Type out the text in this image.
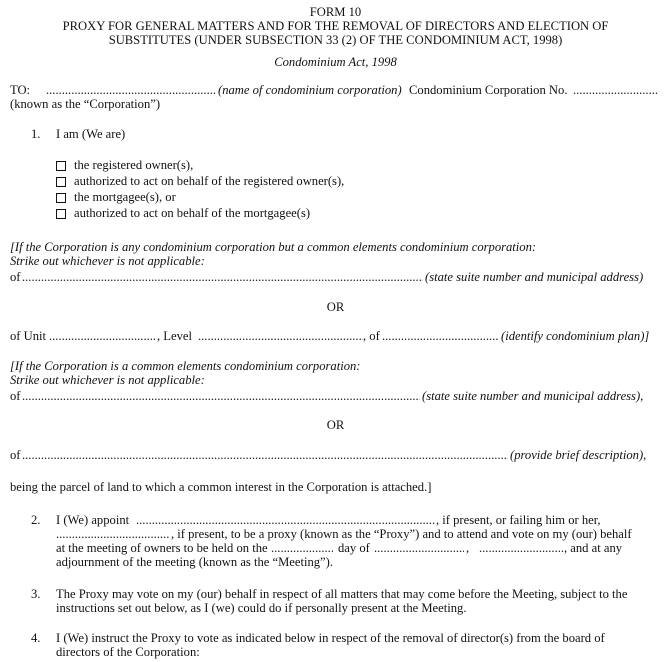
FORM 10
PROXY FOR GENERAL MATTERS AND FOR THE REMOVAL OF DIRECTORS AND ELECTION OF
SUBSTITUTES (UNDER SUBSECTION 33 (2) OF THE CONDOMINIUM ACT, 1998)
Condominium Act, 1998
TO: .....	(name of condominium corporation) Condominium Corporation No.
.....
(known as the “Corporation”)
1. I am (We are)
the registered owner(s),
authorized to act on behalf of the registered owner(s),
the mortgagee(s), or
authorized to act on behalf of the mortgagee(s)
[If the Corporation is any condominium corporation but a common elements condominium corporation:
Strike out whichever is not applicable:
of .....	(state suite number and municipal address)
OR
of Unit .....	, Level .....	, of .....	(identify condominium plan)]
[If the Corporation is a common elements condominium corporation:
Strike out whichever is not applicable:
of .....	(state suite number and municipal address),
OR
of .....	(provide brief description),
being the parcel of land to which a common interest in the Corporation is attached.]
2. I (We) appoint .....	, if present, or failing him or her,
.....
, if present, to be a proxy (known as the “Proxy”) and to attend and vote on my (our) behalf
at the meeting of owners to be held on the .....	day of .....	, .....	, and at any
adjournment of the meeting (known as the “Meeting”).
3. The Proxy may vote on my (our) behalf in respect of all matters that may come before the Meeting, subject to the
instructions set out below, as I (we) could do if personally present at the Meeting.
4. I (We) instruct the Proxy to vote as indicated below in respect of the removal of director(s) from the board of
directors of the Corporation:
